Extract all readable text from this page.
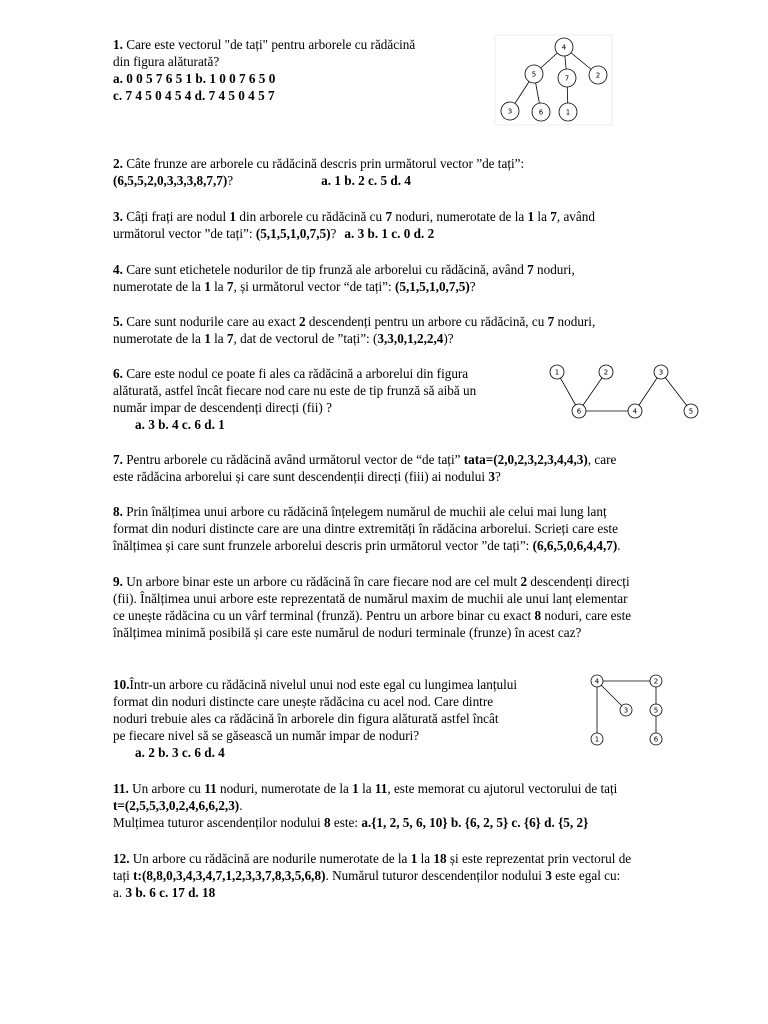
1. Care este vectorul "de tați" pentru arborele cu rădăcină
din figura alăturată?
a. 0 0 5 7 6 5 1 b. 1 0 0 7 6 5 0
c. 7 4 5 0 4 5 4 d. 7 4 5 0 4 5 7
4
5	7	2
3	6	1
2. Câte frunze are arborele cu rădăcină descris prin următorul vector ”de tați”:
(6,5,5,2,0,3,3,3,8,7,7)?	a. 1 b. 2 c. 5 d. 4
3. Câți frați are nodul 1 din arborele cu rădăcină cu 7 noduri, numerotate de la 1 la 7, având
următorul vector ”de tați”: (5,1,5,1,0,7,5)? a. 3 b. 1 c. 0 d. 2
4. Care sunt etichetele nodurilor de tip frunză ale arborelui cu rădăcină, având 7 noduri,
numerotate de la 1 la 7, și următorul vector “de tați”: (5,1,5,1,0,7,5)?
5. Care sunt nodurile care au exact 2 descendenți pentru un arbore cu rădăcină, cu 7 noduri,
numerotate de la 1 la 7, dat de vectorul de ”tați”: (3,3,0,1,2,2,4)?
6. Care este nodul ce poate fi ales ca rădăcină a arborelui din figura
alăturată, astfel încât fiecare nod care nu este de tip frunză să aibă un
număr impar de descendenți direcți (fii) ?
a. 3 b. 4 c. 6 d. 1
1	2	3
6	4	5
7. Pentru arborele cu rădăcină având următorul vector de “de tați” tata=(2,0,2,3,2,3,4,4,3), care
este rădăcina arborelui și care sunt descendenții direcți (fiii) ai nodului 3?
8. Prin înălțimea unui arbore cu rădăcină înțelegem numărul de muchii ale celui mai lung lanț
format din noduri distincte care are una dintre extremități în rădăcina arborelui. Scrieți care este
înălțimea și care sunt frunzele arborelui descris prin următorul vector ”de tați”: (6,6,5,0,6,4,4,7).
9. Un arbore binar este un arbore cu rădăcină în care fiecare nod are cel mult 2 descendenți direcți
(fii). Înălțimea unui arbore este reprezentată de numărul maxim de muchii ale unui lanț elementar
ce unește rădăcina cu un vârf terminal (frunză). Pentru un arbore binar cu exact 8 noduri, care este
înălțimea minimă posibilă și care este numărul de noduri terminale (frunze) în acest caz?
10.Într-un arbore cu rădăcină nivelul unui nod este egal cu lungimea lanțului
format din noduri distincte care unește rădăcina cu acel nod. Care dintre
noduri trebuie ales ca rădăcină în arborele din figura alăturată astfel încât
pe fiecare nivel să se găsească un număr impar de noduri?
a. 2 b. 3 c. 6 d. 4
4	2
3	5
1	6
11. Un arbore cu 11 noduri, numerotate de la 1 la 11, este memorat cu ajutorul vectorului de tați
t=(2,5,5,3,0,2,4,6,6,2,3).
Mulțimea tuturor ascendenților nodului 8 este: a.{1, 2, 5, 6, 10} b. {6, 2, 5} c. {6} d. {5, 2}
12. Un arbore cu rădăcină are nodurile numerotate de la 1 la 18 și este reprezentat prin vectorul de
tați t:(8,8,0,3,4,3,4,7,1,2,3,3,7,8,3,5,6,8). Numărul tuturor descendenților nodului 3 este egal cu:
a. 3 b. 6 c. 17 d. 18
